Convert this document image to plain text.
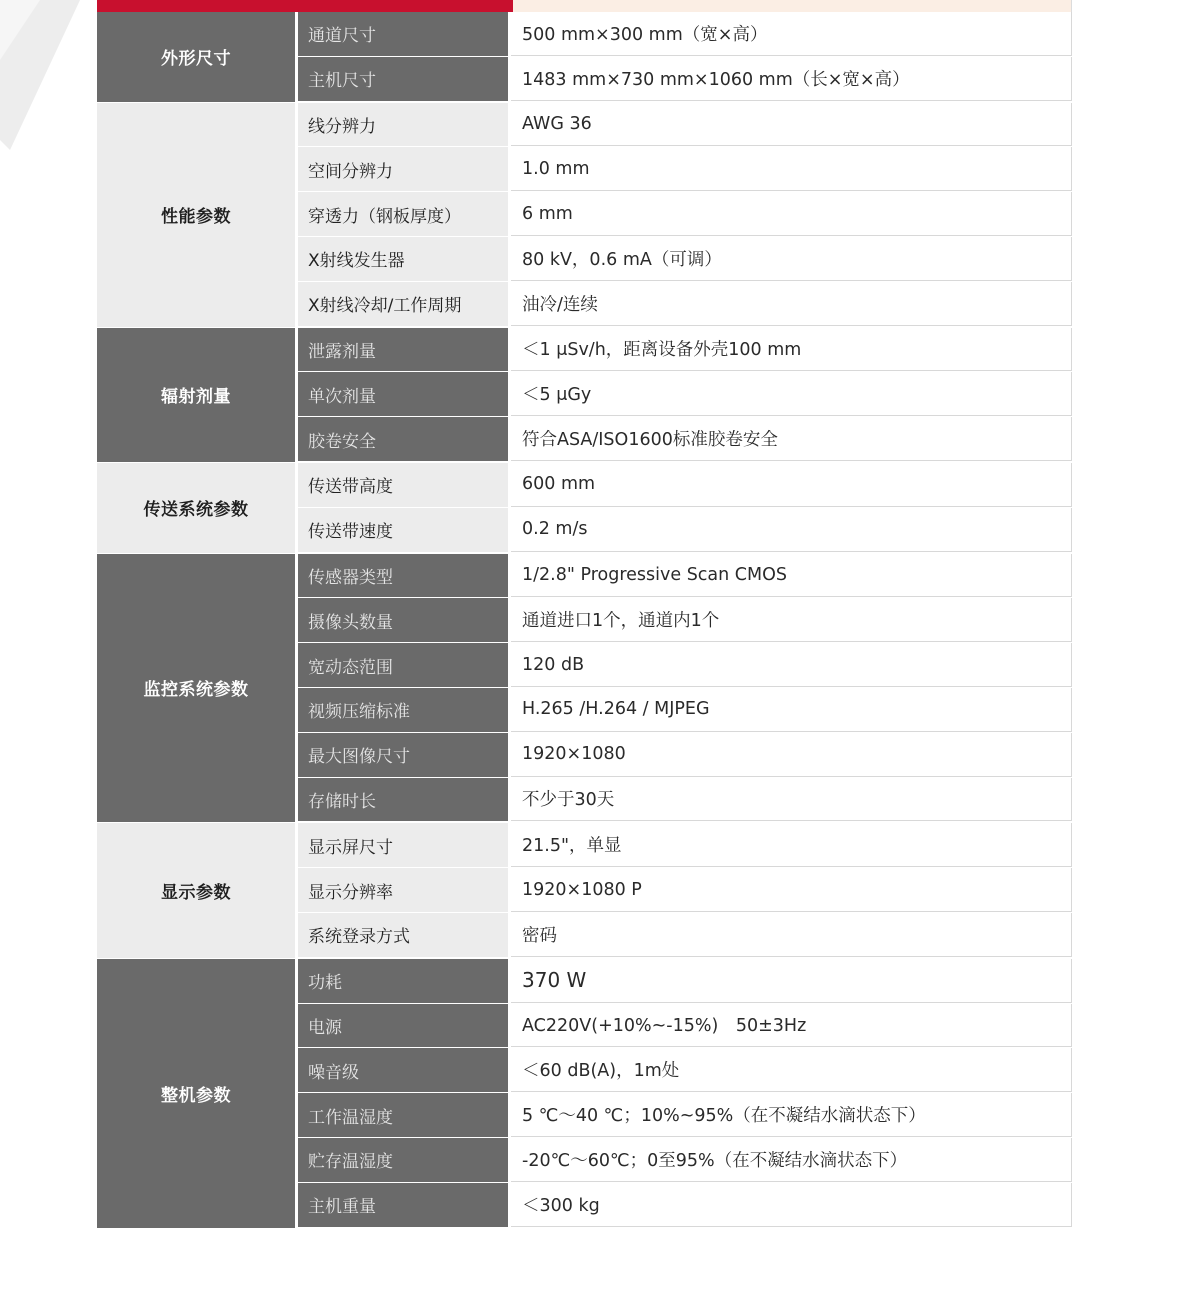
外形尺寸
通道尺寸	500 mm×300 mm（宽×高）
主机尺寸	1483 mm×730 mm×1060 mm（长×宽×高）
性能参数
线分辨力	AWG 36
空间分辨力	1.0 mm
穿透力（钢板厚度）	6 mm
X射线发生器	80 kV，0.6 mA（可调）
X射线冷却/工作周期	油冷/连续
辐射剂量
泄露剂量	＜1 μSv/h，距离设备外壳100 mm
单次剂量	＜5 μGy
胶卷安全	符合ASA/ISO1600标准胶卷安全
传送系统参数
传送带高度	600 mm
传送带速度	0.2 m/s
监控系统参数
传感器类型	1/2.8" Progressive Scan CMOS
摄像头数量	通道进口1个，通道内1个
宽动态范围	120 dB
视频压缩标准	H.265 /H.264 / MJPEG
最大图像尺寸	1920×1080
存储时长	不少于30天
显示参数
显示屏尺寸	21.5"，单显
显示分辨率	1920×1080 P
系统登录方式	密码
整机参数
功耗	370 W
电源	AC220V(+10%~-15%)　50±3Hz
噪音级	＜60 dB(A)，1m处
工作温湿度	5 ℃～40 ℃；10%~95%（在不凝结水滴状态下）
贮存温湿度	-20℃～60℃；0至95%（在不凝结水滴状态下）
主机重量	＜300 kg
